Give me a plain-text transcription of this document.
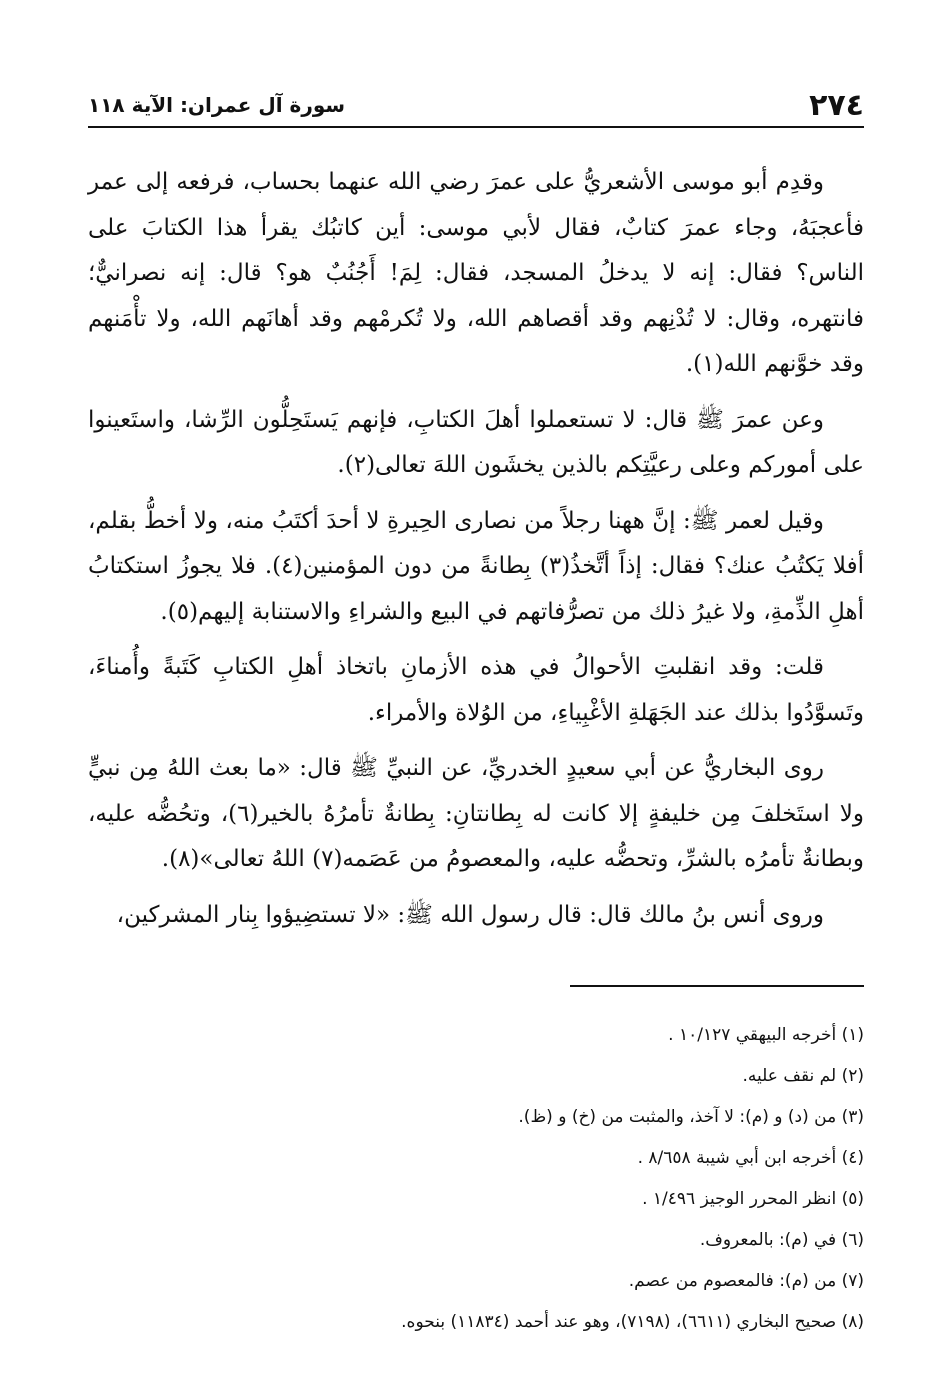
٢٧٤
سورة آل عمران: الآية ١١٨

وقدِم أبو موسى الأشعريُّ على عمرَ رضي الله عنهما بحساب، فرفعه إلى عمر فأعجبَهُ، وجاء عمرَ كتابٌ، فقال لأبي موسى: أين كاتبُك يقرأ هذا الكتابَ على الناس؟ فقال: إنه لا يدخلُ المسجد، فقال: لِمَ! أَجُنُبٌ هو؟ قال: إنه نصرانيٌّ؛ فانتهره، وقال: لا تُدْنِهم وقد أقصاهم الله، ولا تُكرمْهم وقد أهانَهم الله، ولا تأْمَنهم وقد خوَّنهم الله(١).

وعن عمرَ ﷺ قال: لا تستعملوا أهلَ الكتابِ، فإنهم يَستَحِلُّون الرِّشا، واستَعينوا على أموركم وعلى رعيَّتِكم بالذين يخشَون اللهَ تعالى(٢).

وقيل لعمر ﷺ: إنَّ ههنا رجلاً من نصارى الحِيرةِ لا أحدَ أكتَبُ منه، ولا أخطُّ بقلم، أفلا يَكتُبُ عنك؟ فقال: إذاً أتَّخذُ(٣) بِطانةً من دون المؤمنين(٤). فلا يجوزُ استكتابُ أهلِ الذِّمةِ، ولا غيرُ ذلك من تصرُّفاتهم في البيع والشراءِ والاستنابة إليهم(٥).

قلت: وقد انقلبتِ الأحوالُ في هذه الأزمانِ باتخاذ أهلِ الكتابِ كَتَبةً وأُمناءَ، وتَسوَّدُوا بذلك عند الجَهَلةِ الأغْبِياءِ، من الوُلاة والأمراء.

روى البخاريُّ عن أبي سعيدٍ الخدريِّ، عن النبيِّ ﷺ قال: «ما بعث اللهُ مِن نبيٍّ ولا استَخلفَ مِن خليفةٍ إلا كانت له بِطانتانِ: بِطانةٌ تأمرُهُ بالخير(٦)، وتحُضُّه عليه، وبطانةٌ تأمرُه بالشرِّ، وتحضُّه عليه، والمعصومُ من عَصَمه(٧) اللهُ تعالى»(٨).

وروى أنس بنُ مالك قال: قال رسول الله ﷺ: «لا تستضِيؤوا بِنار المشركين،

(١) أخرجه البيهقي ١٠/١٢٧ .
(٢) لم نقف عليه.
(٣) من (د) و (م): لا آخذ، والمثبت من (خ) و (ظ).
(٤) أخرجه ابن أبي شيبة ٨/٦٥٨ .
(٥) انظر المحرر الوجيز ١/٤٩٦ .
(٦) في (م): بالمعروف.
(٧) من (م): فالمعصوم من عصم.
(٨) صحيح البخاري (٦٦١١)، (٧١٩٨)، وهو عند أحمد (١١٨٣٤) بنحوه.
